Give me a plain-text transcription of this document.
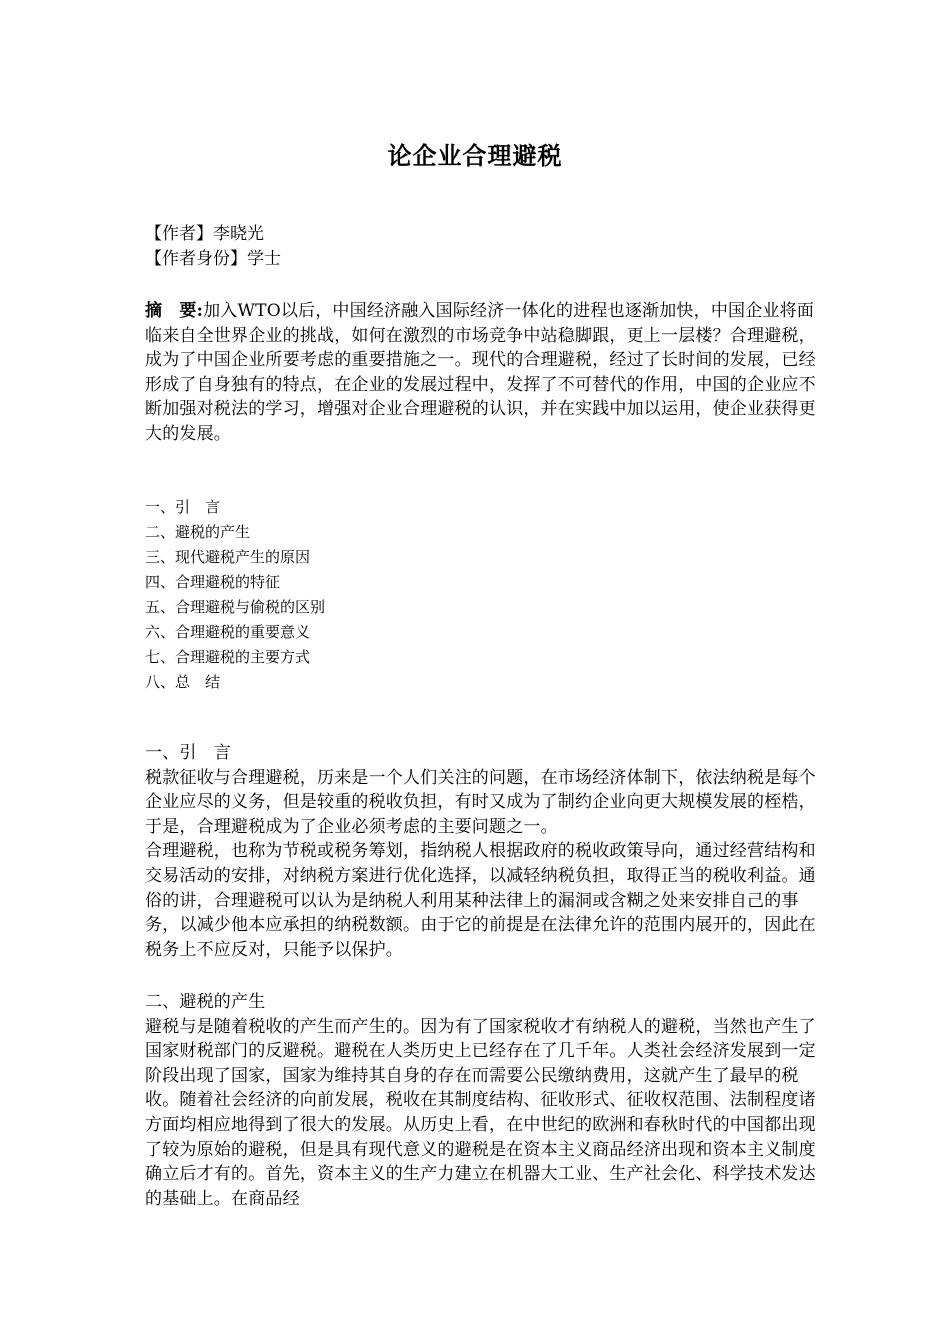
论企业合理避税
【作者】李晓光
【作者身份】学士
摘　要:加入WTO以后，中国经济融入国际经济一体化的进程也逐渐加快，中国企业将面临来自全世界企业的挑战，如何在激烈的市场竞争中站稳脚跟，更上一层楼？合理避税，成为了中国企业所要考虑的重要措施之一。现代的合理避税，经过了长时间的发展，已经形成了自身独有的特点，在企业的发展过程中，发挥了不可替代的作用，中国的企业应不断加强对税法的学习，增强对企业合理避税的认识，并在实践中加以运用，使企业获得更大的发展。
一、引　言
二、避税的产生
三、现代避税产生的原因
四、合理避税的特征
五、合理避税与偷税的区别
六、合理避税的重要意义
七、合理避税的主要方式
八、总　结

一、引　言

税款征收与合理避税，历来是一个人们关注的问题，在市场经济体制下，依法纳税是每个企业应尽的义务，但是较重的税收负担，有时又成为了制约企业向更大规模发展的桎梏，于是，合理避税成为了企业必须考虑的主要问题之一。

合理避税，也称为节税或税务筹划，指纳税人根据政府的税收政策导向，通过经营结构和交易活动的安排，对纳税方案进行优化选择，以减轻纳税负担，取得正当的税收利益。通俗的讲，合理避税可以认为是纳税人利用某种法律上的漏洞或含糊之处来安排自己的事务，以减少他本应承担的纳税数额。由于它的前提是在法律允许的范围内展开的，因此在税务上不应反对，只能予以保护。

二、避税的产生

避税与是随着税收的产生而产生的。因为有了国家税收才有纳税人的避税，当然也产生了国家财税部门的反避税。避税在人类历史上已经存在了几千年。人类社会经济发展到一定阶段出现了国家，国家为维持其自身的存在而需要公民缴纳费用，这就产生了最早的税收。随着社会经济的向前发展，税收在其制度结构、征收形式、征收权范围、法制程度诸方面均相应地得到了很大的发展。从历史上看，在中世纪的欧洲和春秋时代的中国都出现了较为原始的避税，但是具有现代意义的避税是在资本主义商品经济出现和资本主义制度确立后才有的。首先，资本主义的生产力建立在机器大工业、生产社会化、科学技术发达的基础上。在商品经
